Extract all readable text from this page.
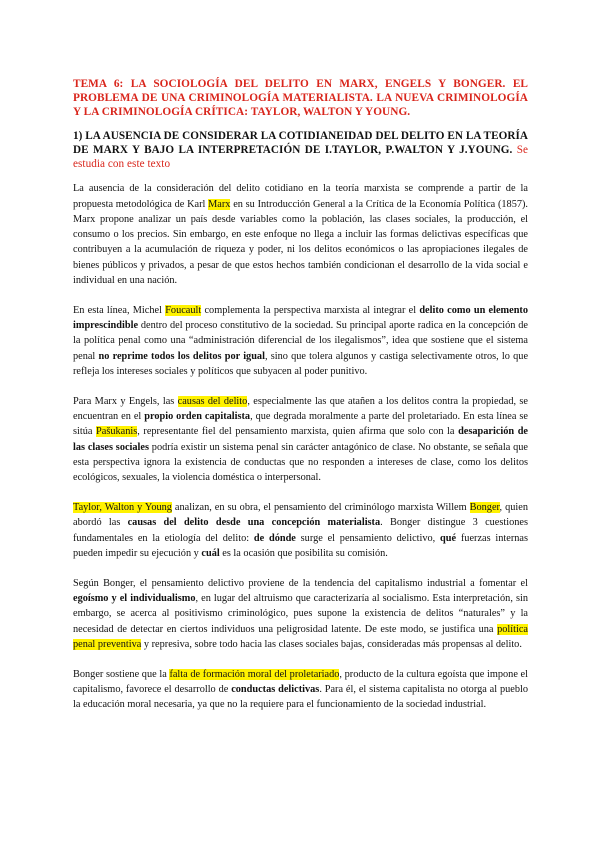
TEMA 6: LA SOCIOLOGÍA DEL DELITO EN MARX, ENGELS Y BONGER. EL PROBLEMA DE UNA CRIMINOLOGÍA MATERIALISTA. LA NUEVA CRIMINOLOGÍA Y LA CRIMINOLOGÍA CRÍTICA: TAYLOR, WALTON Y YOUNG.
1) LA AUSENCIA DE CONSIDERAR LA COTIDIANEIDAD DEL DELITO EN LA TEORÍA DE MARX Y BAJO LA INTERPRETACIÓN DE I.TAYLOR, P.WALTON Y J.YOUNG. Se estudia con este texto

La ausencia de la consideración del delito cotidiano en la teoría marxista se comprende a partir de la propuesta metodológica de Karl Marx en su Introducción General a la Crítica de la Economía Política (1857). Marx propone analizar un país desde variables como la población, las clases sociales, la producción, el consumo o los precios. Sin embargo, en este enfoque no llega a incluir las formas delictivas específicas que contribuyen a la acumulación de riqueza y poder, ni los delitos económicos o las apropiaciones ilegales de bienes públicos y privados, a pesar de que estos hechos también condicionan el desarrollo de la vida social e individual en una nación.

En esta línea, Michel Foucault complementa la perspectiva marxista al integrar el delito como un elemento imprescindible dentro del proceso constitutivo de la sociedad. Su principal aporte radica en la concepción de la política penal como una “administración diferencial de los ilegalismos”, idea que sostiene que el sistema penal no reprime todos los delitos por igual, sino que tolera algunos y castiga selectivamente otros, lo que refleja los intereses sociales y políticos que subyacen al poder punitivo.

Para Marx y Engels, las causas del delito, especialmente las que atañen a los delitos contra la propiedad, se encuentran en el propio orden capitalista, que degrada moralmente a parte del proletariado. En esta línea se sitúa Pašukanis, representante fiel del pensamiento marxista, quien afirma que solo con la desaparición de las clases sociales podría existir un sistema penal sin carácter antagónico de clase. No obstante, se señala que esta perspectiva ignora la existencia de conductas que no responden a intereses de clase, como los delitos ecológicos, sexuales, la violencia doméstica o interpersonal.

Taylor, Walton y Young analizan, en su obra, el pensamiento del criminólogo marxista Willem Bonger, quien abordó las causas del delito desde una concepción materialista. Bonger distingue 3 cuestiones fundamentales en la etiología del delito: de dónde surge el pensamiento delictivo, qué fuerzas internas pueden impedir su ejecución y cuál es la ocasión que posibilita su comisión.

Según Bonger, el pensamiento delictivo proviene de la tendencia del capitalismo industrial a fomentar el egoísmo y el individualismo, en lugar del altruismo que caracterizaría al socialismo. Esta interpretación, sin embargo, se acerca al positivismo criminológico, pues supone la existencia de delitos “naturales” y la necesidad de detectar en ciertos individuos una peligrosidad latente. De este modo, se justifica una política penal preventiva y represiva, sobre todo hacia las clases sociales bajas, consideradas más propensas al delito.

Bonger sostiene que la falta de formación moral del proletariado, producto de la cultura egoísta que impone el capitalismo, favorece el desarrollo de conductas delictivas. Para él, el sistema capitalista no otorga al pueblo la educación moral necesaria, ya que no la requiere para el funcionamiento de la sociedad industrial.
